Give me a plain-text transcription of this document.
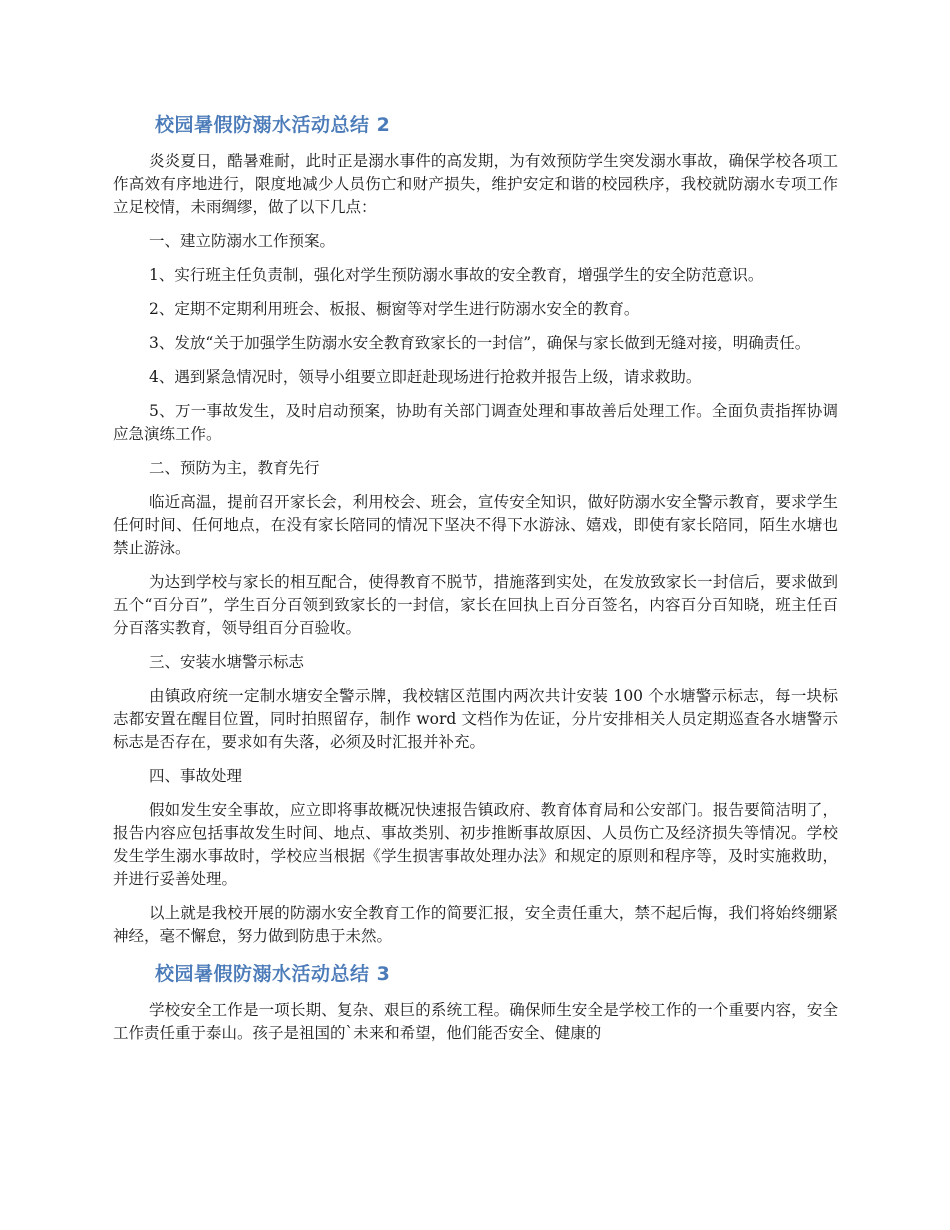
校园暑假防溺水活动总结 2

炎炎夏日，酷暑难耐，此时正是溺水事件的高发期，为有效预防学生突发溺水事故，确保学校各项工作高效有序地进行，限度地减少人员伤亡和财产损失，维护安定和谐的校园秩序，我校就防溺水专项工作立足校情，未雨绸缪，做了以下几点：

一、建立防溺水工作预案。

1、实行班主任负责制，强化对学生预防溺水事故的安全教育，增强学生的安全防范意识。

2、定期不定期利用班会、板报、橱窗等对学生进行防溺水安全的教育。

3、发放“关于加强学生防溺水安全教育致家长的一封信”，确保与家长做到无缝对接，明确责任。

4、遇到紧急情况时，领导小组要立即赶赴现场进行抢救并报告上级，请求救助。

5、万一事故发生，及时启动预案，协助有关部门调查处理和事故善后处理工作。全面负责指挥协调应急演练工作。

二、预防为主，教育先行

临近高温，提前召开家长会，利用校会、班会，宣传安全知识，做好防溺水安全警示教育，要求学生任何时间、任何地点，在没有家长陪同的情况下坚决不得下水游泳、嬉戏，即使有家长陪同，陌生水塘也禁止游泳。

为达到学校与家长的相互配合，使得教育不脱节，措施落到实处，在发放致家长一封信后，要求做到五个“百分百”，学生百分百领到致家长的一封信，家长在回执上百分百签名，内容百分百知晓，班主任百分百落实教育，领导组百分百验收。

三、安装水塘警示标志

由镇政府统一定制水塘安全警示牌，我校辖区范围内两次共计安装 100 个水塘警示标志，每一块标志都安置在醒目位置，同时拍照留存，制作 word 文档作为佐证，分片安排相关人员定期巡查各水塘警示标志是否存在，要求如有失落，必须及时汇报并补充。

四、事故处理

假如发生安全事故，应立即将事故概况快速报告镇政府、教育体育局和公安部门。报告要简洁明了，报告内容应包括事故发生时间、地点、事故类别、初步推断事故原因、人员伤亡及经济损失等情况。学校发生学生溺水事故时，学校应当根据《学生损害事故处理办法》和规定的原则和程序等，及时实施救助，并进行妥善处理。

以上就是我校开展的防溺水安全教育工作的简要汇报，安全责任重大，禁不起后悔，我们将始终绷紧神经，毫不懈怠，努力做到防患于未然。

校园暑假防溺水活动总结 3

学校安全工作是一项长期、复杂、艰巨的系统工程。确保师生安全是学校工作的一个重要内容，安全工作责任重于泰山。孩子是祖国的`未来和希望，他们能否安全、健康的
